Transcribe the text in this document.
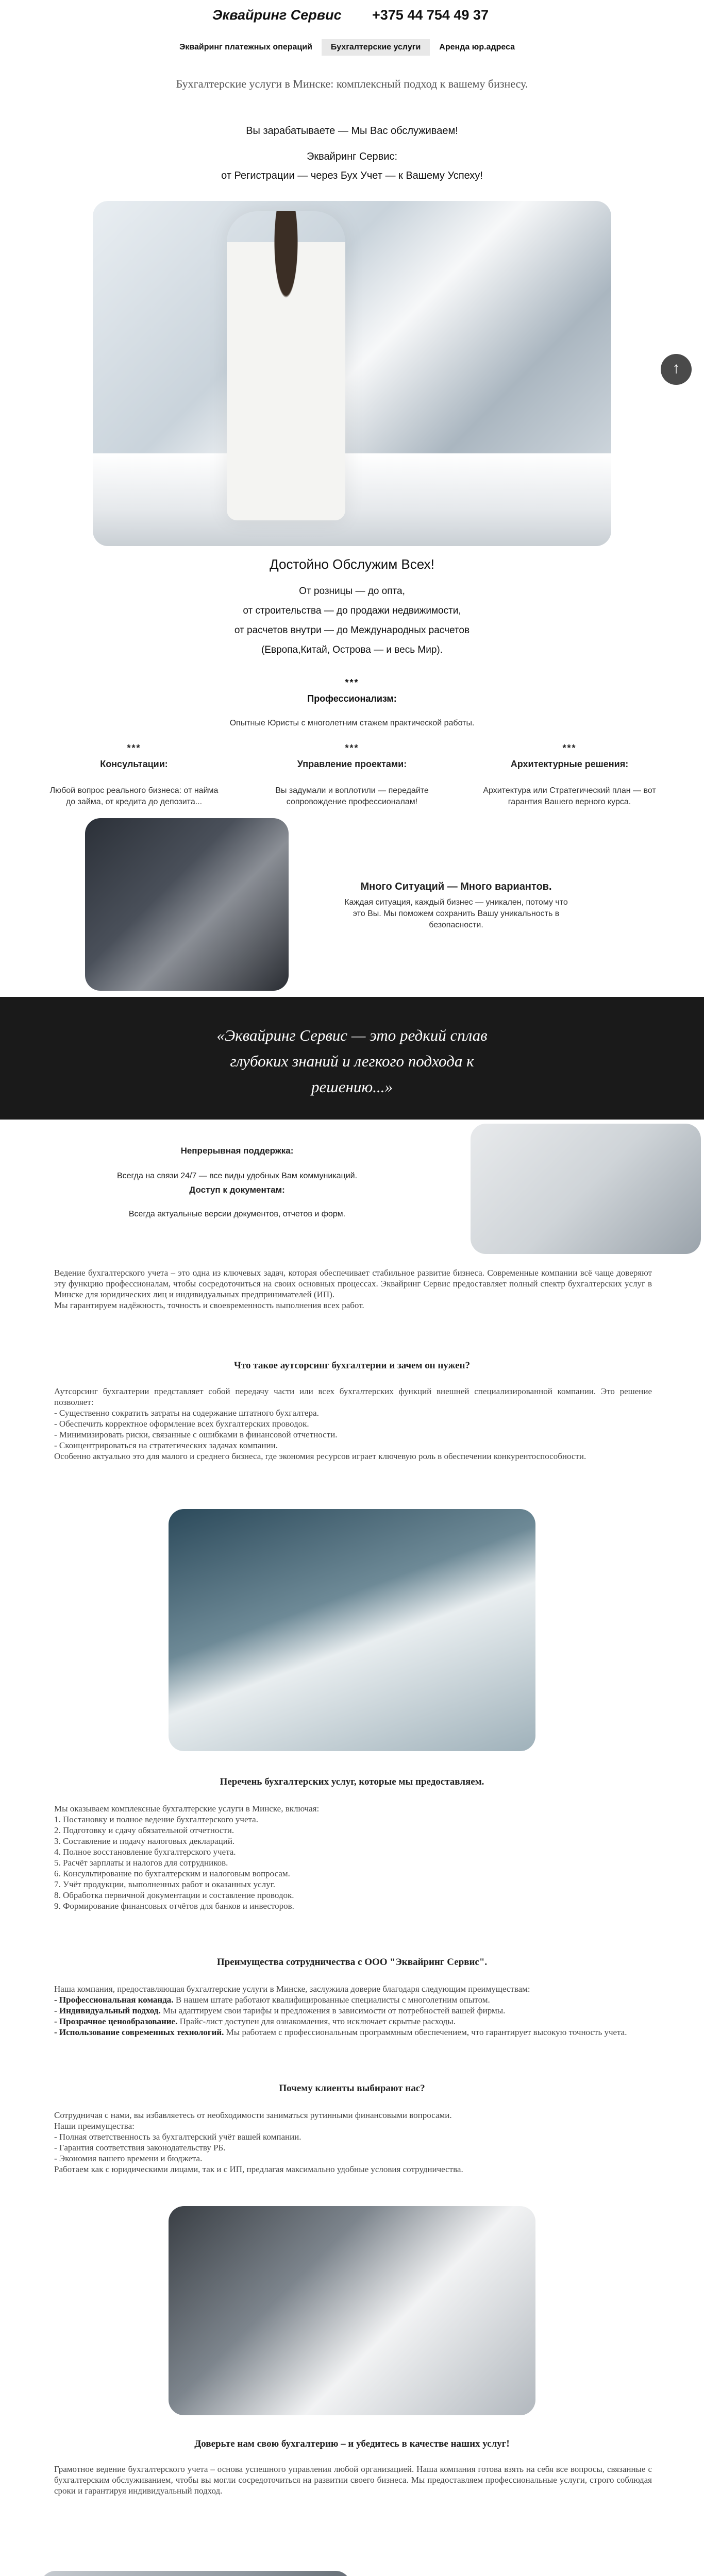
Эквайринг Сервис +375 44 754 49 37
Эквайринг платежных операций	Бухгалтерские услуги	Аренда юр.адреса
Бухгалтерские услуги в Минске: комплексный подход к вашему бизнесу.

Вы зарабатываете — Мы Вас обслуживаем!

Эквайринг Сервис:

от Регистрации — через Бух Учет — к Вашему Успеху!

↑
Достойно Обслужим Всех!

От розницы — до опта,

от строительства — до продажи недвижимости,

от расчетов внутри — до Международных расчетов

(Европа,Китай, Острова — и весь Мир).

***
Профессионализм:
Опытные Юристы с многолетним стажем практической работы.
***
Консультации:

Любой вопрос реального бизнеса: от найма до займа, от кредита до депозита...

***
Управление проектами:

Вы задумали и воплотили — передайте сопровождение профессионалам!

***
Архитектурные решения:

Архитектура или Стратегический план — вот гарантия Вашего верного курса.

Много Ситуаций — Много вариантов.
Каждая ситуация, каждый бизнес — уникален, потому что это Вы. Мы поможем сохранить Вашу уникальность в безопасности.
«Эквайринг Сервис — это редкий сплав глубоких знаний и легкого подхода к решению...»
Непрерывная поддержка:
Всегда на связи 24/7 — все виды удобных Вам коммуникаций.
Доступ к документам:
Всегда актуальные версии документов, отчетов и форм.

Ведение бухгалтерского учета – это одна из ключевых задач, которая обеспечивает стабильное развитие бизнеса. Современные компании всё чаще доверяют эту функцию профессионалам, чтобы сосредоточиться на своих основных процессах. Эквайринг Сервис предоставляет полный спектр бухгалтерских услуг в Минске для юридических лиц и индивидуальных предпринимателей (ИП).

Мы гарантируем надёжность, точность и своевременность выполнения всех работ.

Что такое аутсорсинг бухгалтерии и зачем он нужен?

Аутсорсинг бухгалтерии представляет собой передачу части или всех бухгалтерских функций внешней специализированной компании. Это решение позволяет:

- Существенно сократить затраты на содержание штатного бухгалтера.

- Обеспечить корректное оформление всех бухгалтерских проводок.

- Минимизировать риски, связанные с ошибками в финансовой отчетности.

- Сконцентрироваться на стратегических задачах компании.

Особенно актуально это для малого и среднего бизнеса, где экономия ресурсов играет ключевую роль в обеспечении конкурентоспособности.

Перечень бухгалтерских услуг, которые мы предоставляем.

Мы оказываем комплексные бухгалтерские услуги в Минске, включая:

1. Постановку и полное ведение бухгалтерского учета.

2. Подготовку и сдачу обязательной отчетности.

3. Составление и подачу налоговых деклараций.

4. Полное восстановление бухгалтерского учета.

5. Расчёт зарплаты и налогов для сотрудников.

6. Консультирование по бухгалтерским и налоговым вопросам.

7. Учёт продукции, выполненных работ и оказанных услуг.

8. Обработка первичной документации и составление проводок.

9. Формирование финансовых отчётов для банков и инвесторов.

Преимущества сотрудничества с ООО "Эквайринг Сервис".

Наша компания, предоставляющая бухгалтерские услуги в Минске, заслужила доверие благодаря следующим преимуществам:

- Профессиональная команда. В нашем штате работают квалифицированные специалисты с многолетним опытом.

- Индивидуальный подход. Мы адаптируем свои тарифы и предложения в зависимости от потребностей вашей фирмы.

- Прозрачное ценообразование. Прайс-лист доступен для ознакомления, что исключает скрытые расходы.

- Использование современных технологий. Мы работаем с профессиональным программным обеспечением, что гарантирует высокую точность учета.

Почему клиенты выбирают нас?

Сотрудничая с нами, вы избавляетесь от необходимости заниматься рутинными финансовыми вопросами.

Наши преимущества:

- Полная ответственность за бухгалтерский учёт вашей компании.

- Гарантия соответствия законодательству РБ.

- Экономия вашего времени и бюджета.

Работаем как с юридическими лицами, так и с ИП, предлагая максимально удобные условия сотрудничества.

Доверьте нам свою бухгалтерию – и убедитесь в качестве наших услуг!
Грамотное ведение бухгалтерского учета – основа успешного управления любой организацией. Наша компания готова взять на себя все вопросы, связанные с бухгалтерским обслуживанием, чтобы вы могли сосредоточиться на развитии своего бизнеса. Мы предоставляем профессиональные услуги, строго соблюдая сроки и гарантируя индивидуальный подход.
